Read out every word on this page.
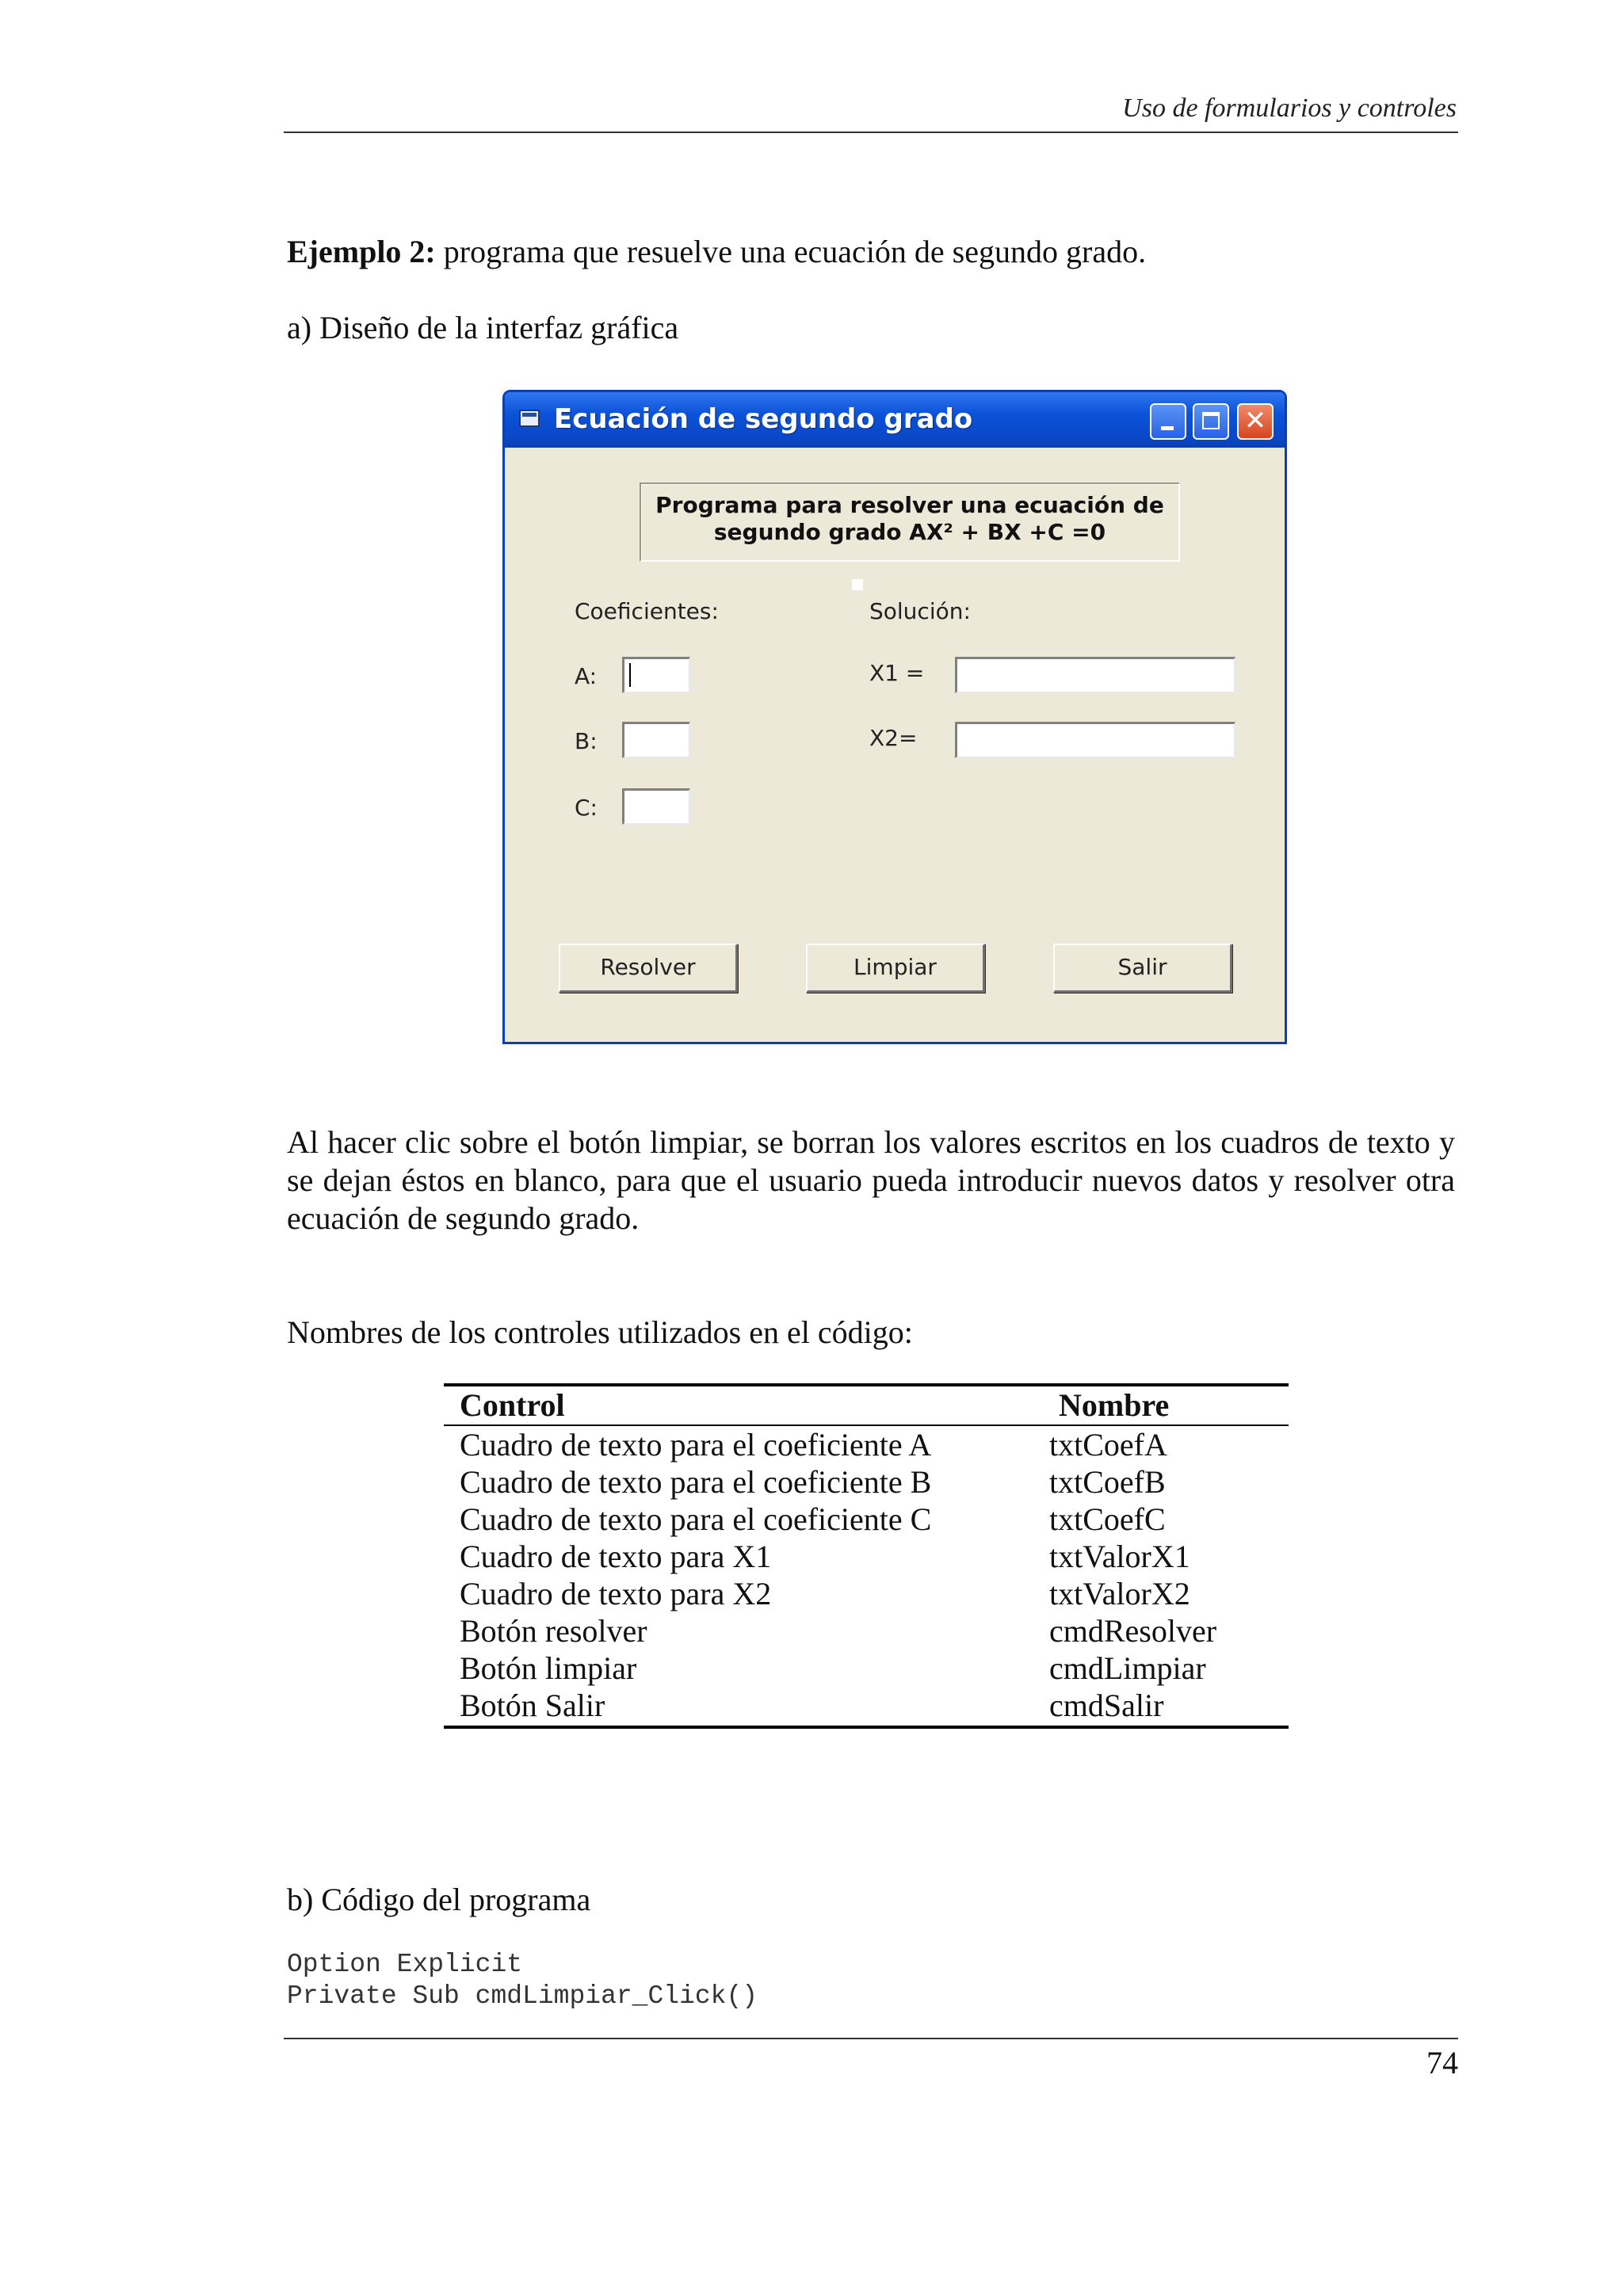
Uso de formularios y controles
Ejemplo 2: programa que resuelve una ecuación de segundo grado.
a) Diseño de la interfaz gráfica
Ecuación de segundo grado	✕
Programa para resolver una ecuación de
segundo grado AX² + BX +C =0
Coeficientes:	Solución:
A:
B:
C:
X1 =
X2=
Resolver	Limpiar	Salir
Al hacer clic sobre el botón limpiar, se borran los valores escritos en los cuadros de texto y se dejan éstos en blanco, para que el usuario pueda introducir nuevos datos y resolver otra ecuación de segundo grado.
Nombres de los controles utilizados en el código:
Control	Nombre
Cuadro de texto para el coeficiente A	txtCoefA
Cuadro de texto para el coeficiente B	txtCoefB
Cuadro de texto para el coeficiente C	txtCoefC
Cuadro de texto para X1	txtValorX1
Cuadro de texto para X2	txtValorX2
Botón resolver	cmdResolver
Botón limpiar	cmdLimpiar
Botón Salir	cmdSalir
b) Código del programa
Option Explicit
Private Sub cmdLimpiar_Click()
74
